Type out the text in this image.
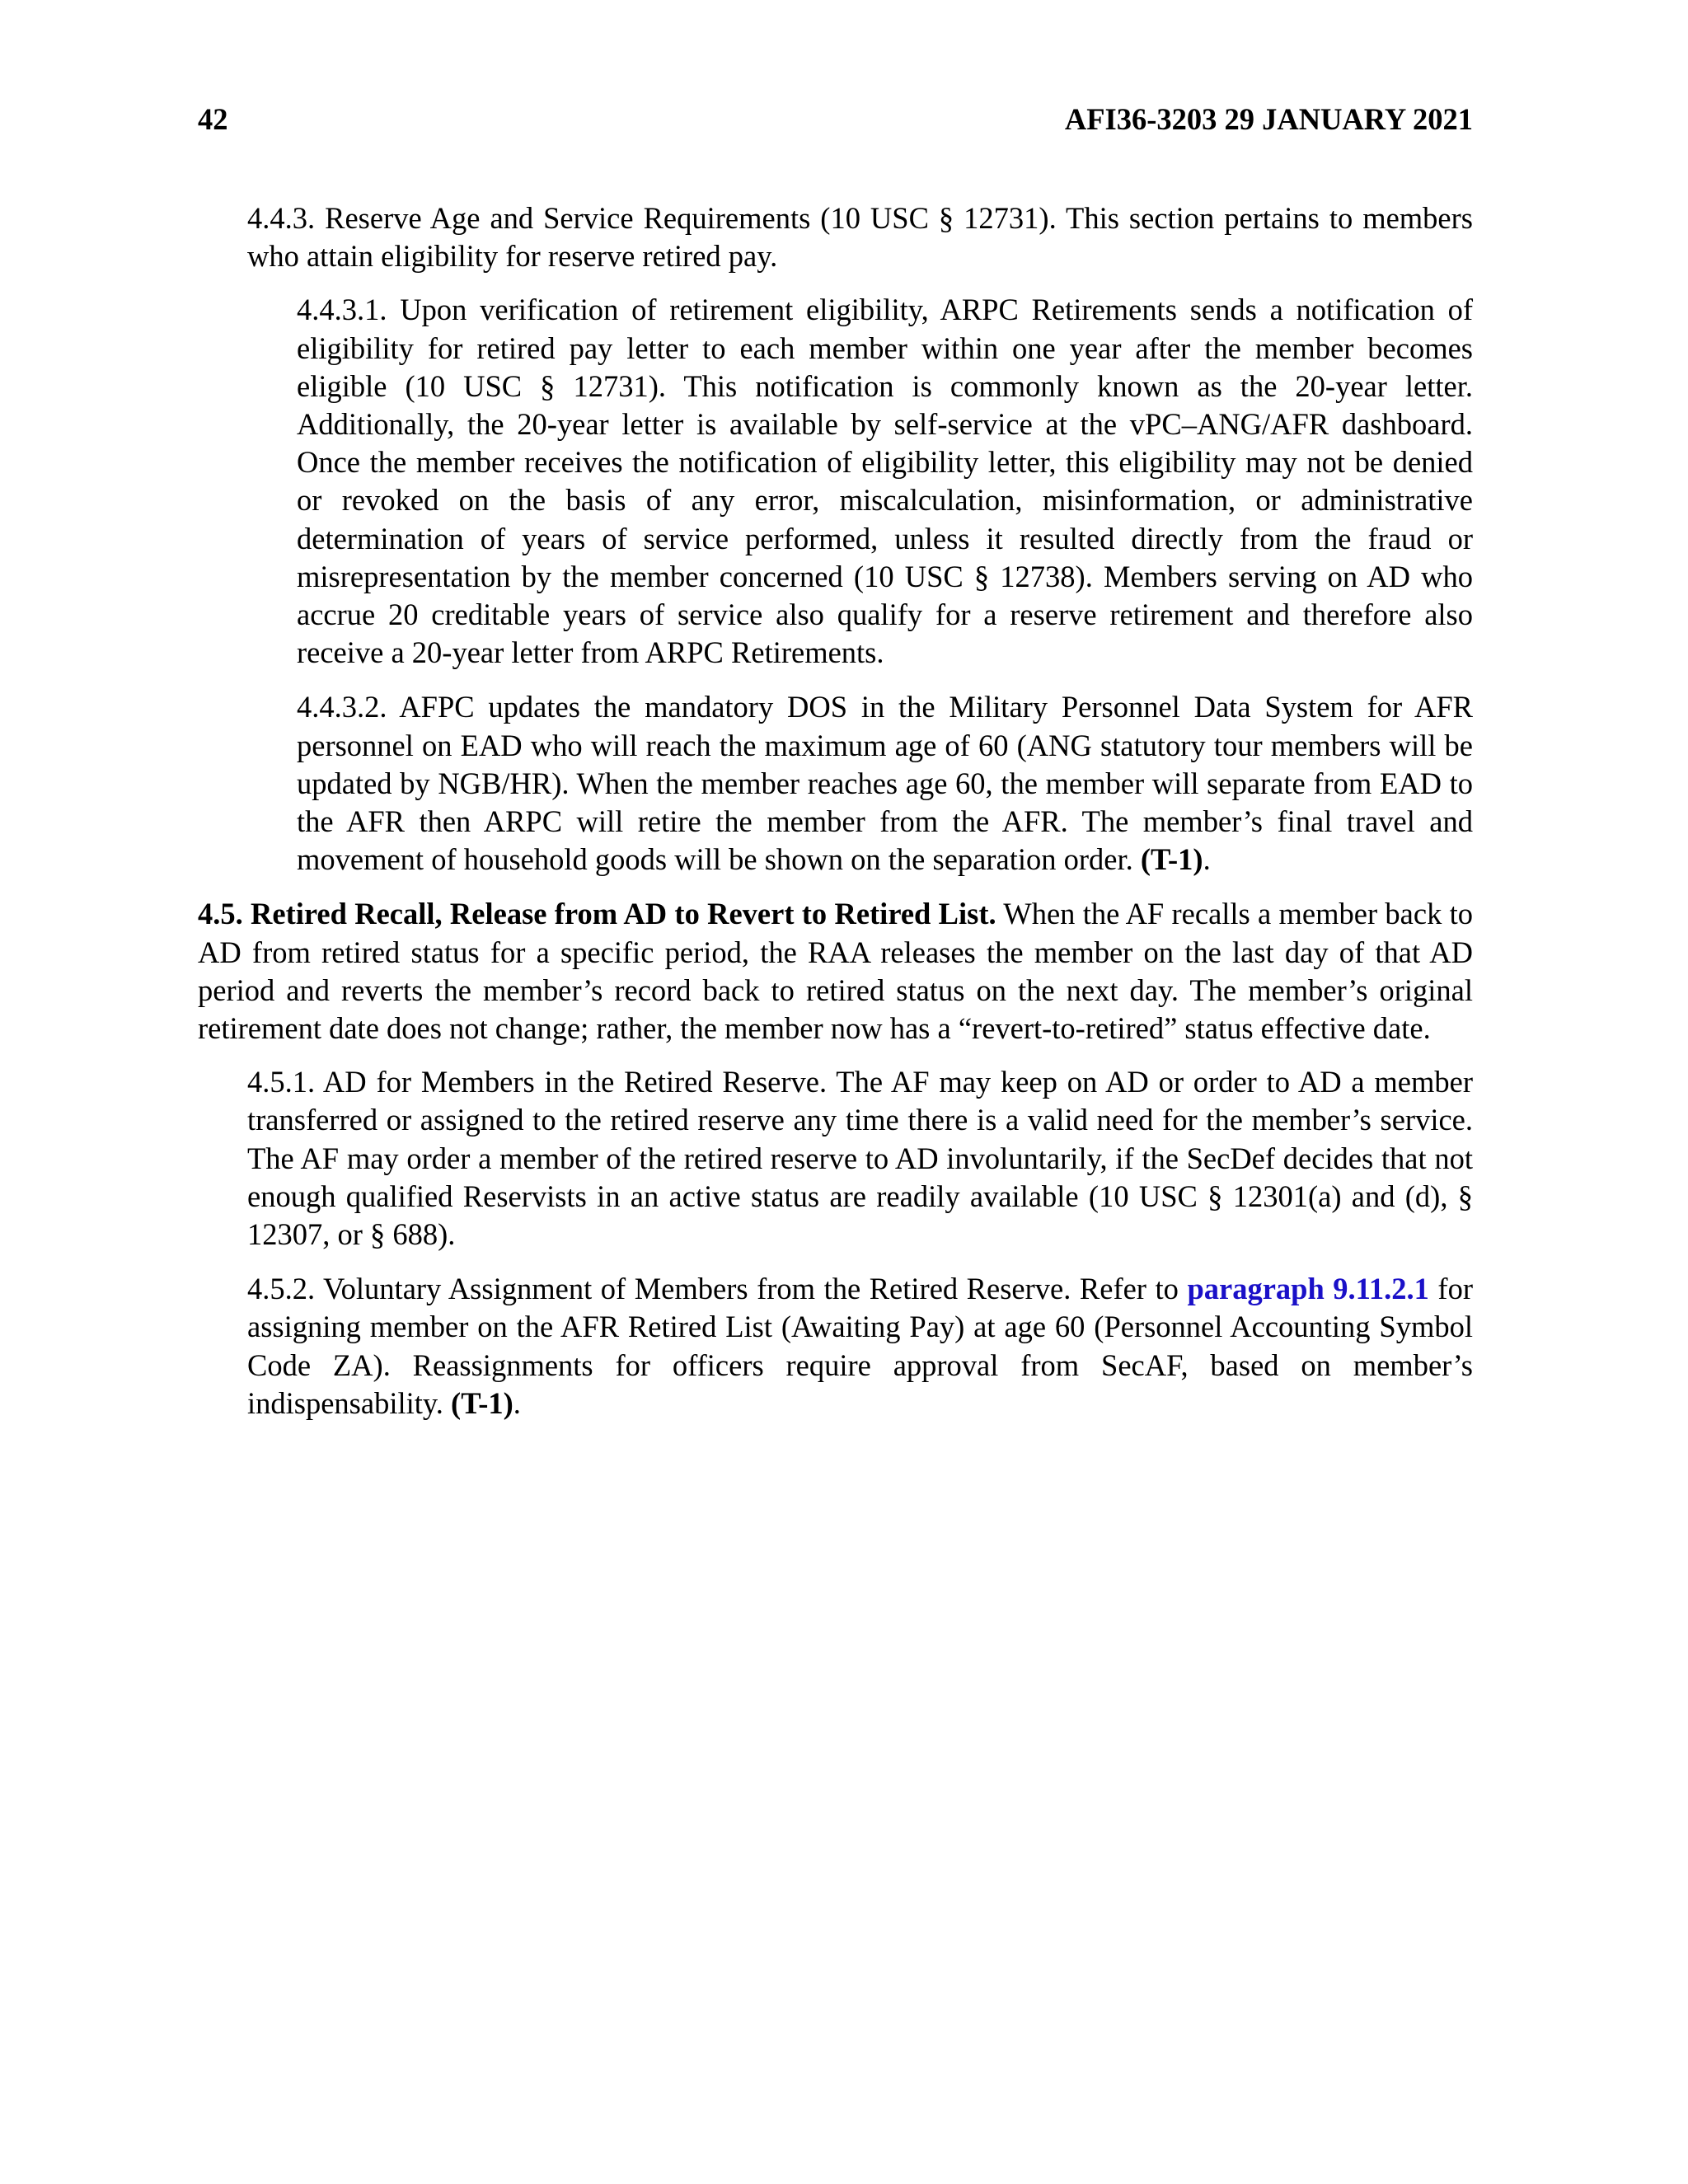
42	AFI36-3203 29 JANUARY 2021

4.4.3. Reserve Age and Service Requirements (10 USC § 12731). This section pertains to members who attain eligibility for reserve retired pay.

4.4.3.1. Upon verification of retirement eligibility, ARPC Retirements sends a notification of eligibility for retired pay letter to each member within one year after the member becomes eligible (10 USC § 12731). This notification is commonly known as the 20-year letter. Additionally, the 20-year letter is available by self-service at the vPC–ANG/AFR dashboard. Once the member receives the notification of eligibility letter, this eligibility may not be denied or revoked on the basis of any error, miscalculation, misinformation, or administrative determination of years of service performed, unless it resulted directly from the fraud or misrepresentation by the member concerned (10 USC § 12738). Members serving on AD who accrue 20 creditable years of service also qualify for a reserve retirement and therefore also receive a 20-year letter from ARPC Retirements.

4.4.3.2. AFPC updates the mandatory DOS in the Military Personnel Data System for AFR personnel on EAD who will reach the maximum age of 60 (ANG statutory tour members will be updated by NGB/HR). When the member reaches age 60, the member will separate from EAD to the AFR then ARPC will retire the member from the AFR. The member’s final travel and movement of household goods will be shown on the separation order. (T-1).

4.5. Retired Recall, Release from AD to Revert to Retired List. When the AF recalls a member back to AD from retired status for a specific period, the RAA releases the member on the last day of that AD period and reverts the member’s record back to retired status on the next day. The member’s original retirement date does not change; rather, the member now has a “revert-to-retired” status effective date.

4.5.1. AD for Members in the Retired Reserve. The AF may keep on AD or order to AD a member transferred or assigned to the retired reserve any time there is a valid need for the member’s service. The AF may order a member of the retired reserve to AD involuntarily, if the SecDef decides that not enough qualified Reservists in an active status are readily available (10 USC § 12301(a) and (d), § 12307, or § 688).

4.5.2. Voluntary Assignment of Members from the Retired Reserve. Refer to paragraph 9.11.2.1 for assigning member on the AFR Retired List (Awaiting Pay) at age 60 (Personnel Accounting Symbol Code ZA). Reassignments for officers require approval from SecAF, based on member’s indispensability. (T-1).
